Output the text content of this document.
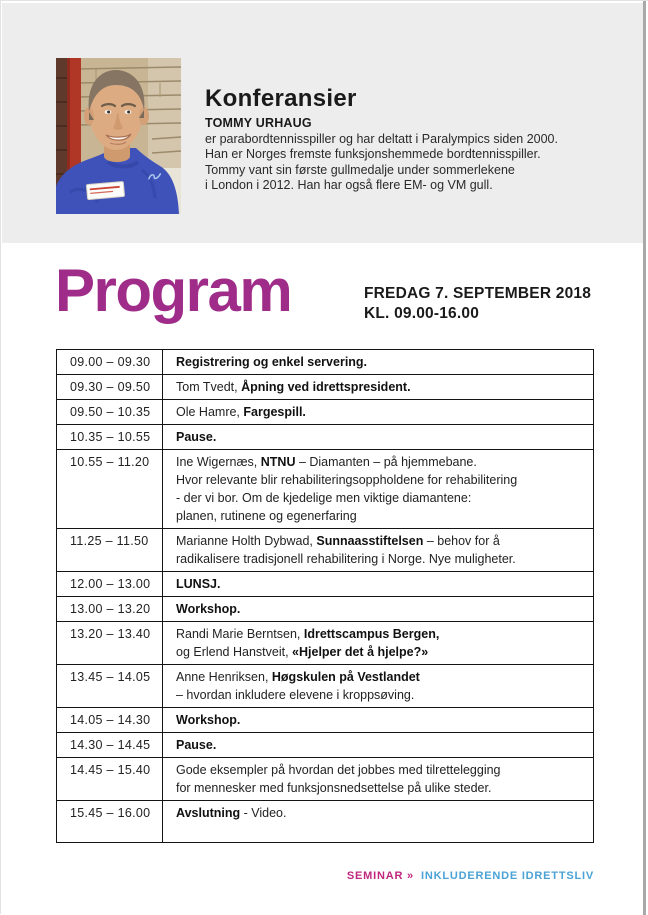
Konferansier
TOMMY URHAUG
er parabordtennisspiller og har deltatt i Paralympics siden 2000.
Han er Norges fremste funksjonshemmede bordtennisspiller.
Tommy vant sin første gullmedalje under sommerlekene
i London i 2012. Han har også flere EM- og VM gull.
Program	FREDAG 7. SEPTEMBER 2018
KL. 09.00-16.00
09.00 – 09.30	Registrering og enkel servering.
09.30 – 09.50	Tom Tvedt, Åpning ved idrettspresident.
09.50 – 10.35	Ole Hamre, Fargespill.
10.35 – 10.55	Pause.
10.55 – 11.20	Ine Wigernæs, NTNU – Diamanten – på hjemmebane.
Hvor relevante blir rehabiliteringsoppholdene for rehabilitering
- der vi bor. Om de kjedelige men viktige diamantene:
planen, rutinene og egenerfaring
11.25 – 11.50	Marianne Holth Dybwad, Sunnaasstiftelsen – behov for å
radikalisere tradisjonell rehabilitering i Norge. Nye muligheter.
12.00 – 13.00	LUNSJ.
13.00 – 13.20	Workshop.
13.20 – 13.40	Randi Marie Berntsen, Idrettscampus Bergen,
og Erlend Hanstveit, «Hjelper det å hjelpe?»
13.45 – 14.05	Anne Henriksen, Høgskulen på Vestlandet
– hvordan inkludere elevene i kroppsøving.
14.05 – 14.30	Workshop.
14.30 – 14.45	Pause.
14.45 – 15.40	Gode eksempler på hvordan det jobbes med tilrettelegging
for mennesker med funksjonsnedsettelse på ulike steder.
15.45 – 16.00	Avslutning - Video.
SEMINAR » INKLUDERENDE IDRETTSLIV
